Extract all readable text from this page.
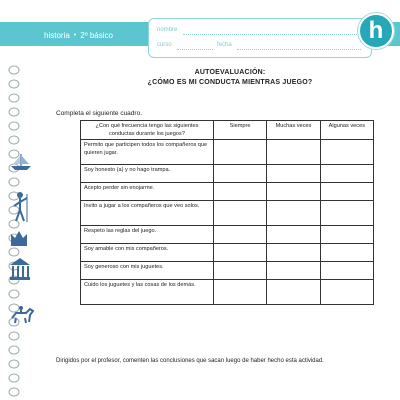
historia • 2º básico
nombre
curso	fecha
h
AUTOEVALUACIÓN:
¿CÓMO ES MI CONDUCTA MIENTRAS JUEGO?
Completa el siguiente cuadro.
¿Con qué frecuencia tengo las siguientes conductas durante los juegos?	Siempre	Muchas veces	Algunas veces
Permito que participen todos los compañeros que quieren jugar.			
Soy honesto (a) y no hago trampa.			
Acepto perder sin enojarme.			
Invito a jugar a los compañeros que veo solos.			
Respeto las reglas del juego.			
Soy amable con mis compañeros.			
Soy generoso con mis juguetes.			
Cuido los juguetes y las cosas de los demás.			
Dirigidos por el profesor, comenten las conclusiones que sacan luego de haber hecho esta actividad.
